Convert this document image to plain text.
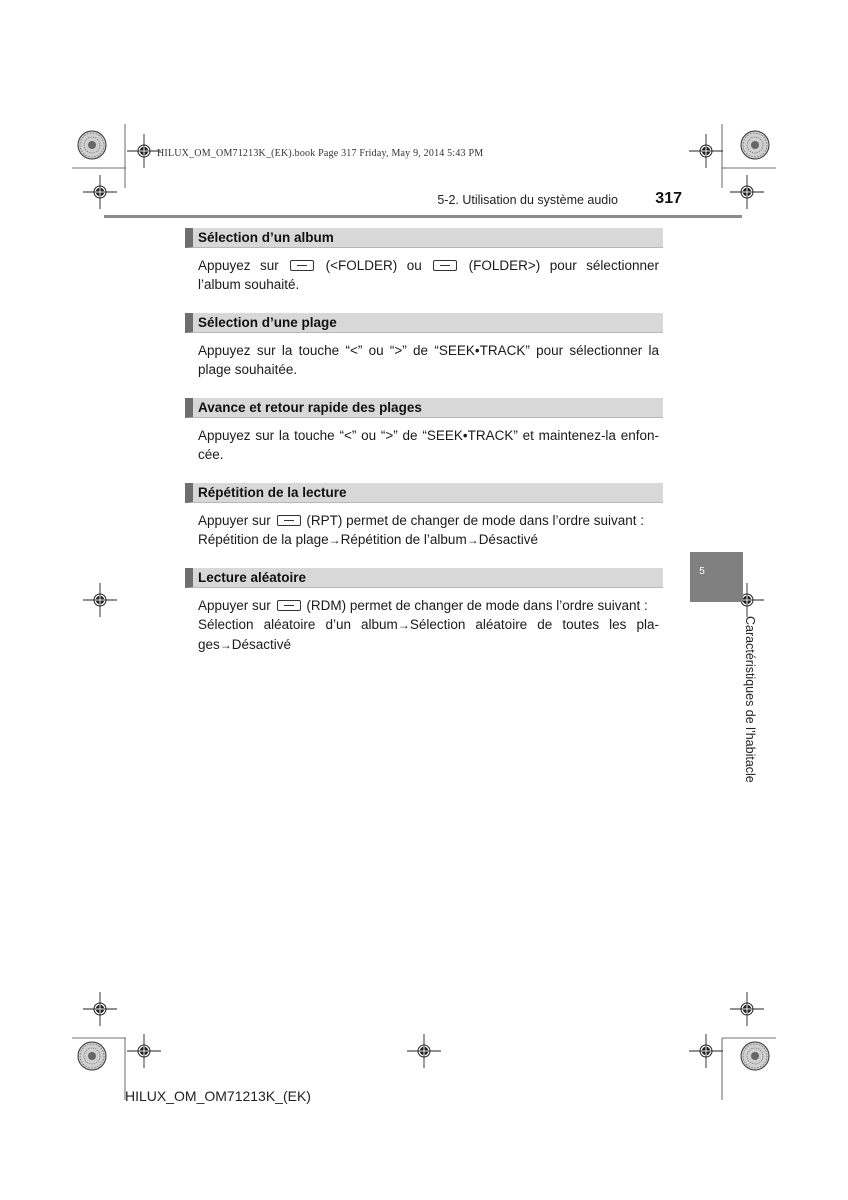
HILUX_OM_OM71213K_(EK).book Page 317 Friday, May 9, 2014 5:43 PM
5-2. Utilisation du système audio	317
Sélection d’un album
Appuyez sur	(<FOLDER) ou	(FOLDER>) pour sélectionner l’album souhaité.
Sélection d’une plage
Appuyez sur la touche “<” ou “>” de “SEEK•TRACK” pour sélectionner la plage souhaitée.
Avance et retour rapide des plages
Appuyez sur la touche “<” ou “>” de “SEEK•TRACK” et maintenez-la enfon-cée.
Répétition de la lecture
Appuyer sur	(RPT) permet de changer de mode dans l’ordre suivant :
Répétition de la plage→Répétition de l’album→Désactivé
Lecture aléatoire
Appuyer sur	(RDM) permet de changer de mode dans l’ordre suivant :
Sélection aléatoire d’un album→Sélection aléatoire de toutes les pla-ges→Désactivé
5
Caractéristiques de l’habitacle
HILUX_OM_OM71213K_(EK)
